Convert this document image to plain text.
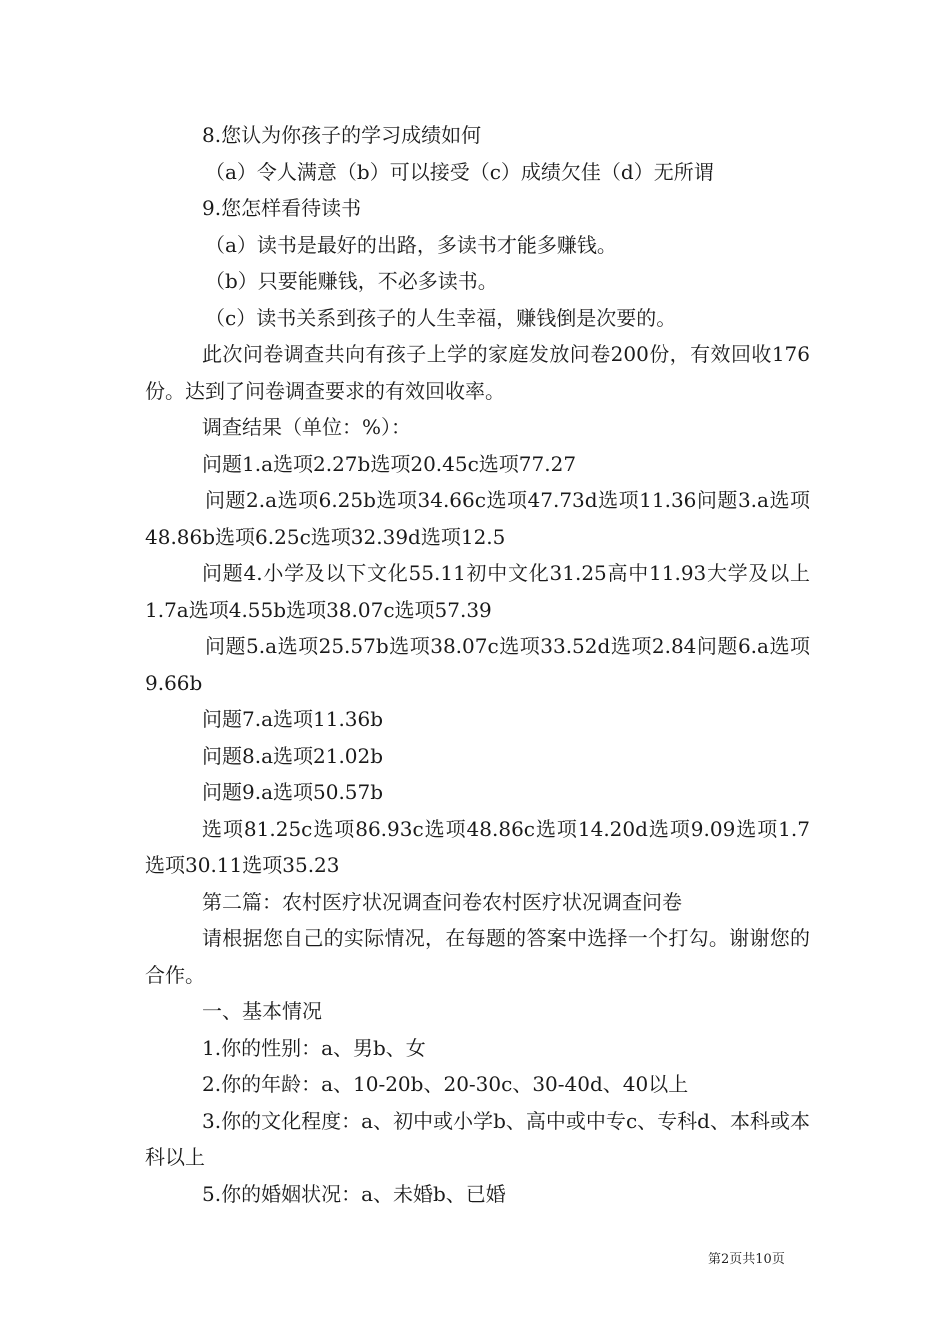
8.您认为你孩子的学习成绩如何

（a）令人满意（b）可以接受（c）成绩欠佳（d）无所谓

9.您怎样看待读书

（a）读书是最好的出路，多读书才能多赚钱。

（b）只要能赚钱，不必多读书。

（c）读书关系到孩子的人生幸福，赚钱倒是次要的。

此次问卷调查共向有孩子上学的家庭发放问卷200份，有效回收176份。达到了问卷调查要求的有效回收率。

调查结果（单位：%）：

问题1.a选项2.27b选项20.45c选项77.27

问题2.a选项6.25b选项34.66c选项47.73d选项11.36问题3.a选项48.86b选项6.25c选项32.39d选项12.5

问题4.小学及以下文化55.11初中文化31.25高中11.93大学及以上1.7a选项4.55b选项38.07c选项57.39

问题5.a选项25.57b选项38.07c选项33.52d选项2.84问题6.a选项9.66b

问题7.a选项11.36b

问题8.a选项21.02b

问题9.a选项50.57b

选项81.25c选项86.93c选项48.86c选项14.20d选项9.09选项1.7选项30.11选项35.23

第二篇：农村医疗状况调查问卷农村医疗状况调查问卷

请根据您自己的实际情况，在每题的答案中选择一个打勾。谢谢您的合作。

一、基本情况

1.你的性别：a、男b、女

2.你的年龄：a、10-20b、20-30c、30-40d、40以上

3.你的文化程度：a、初中或小学b、高中或中专c、专科d、本科或本科以上

5.你的婚姻状况：a、未婚b、已婚

第2页共10页
